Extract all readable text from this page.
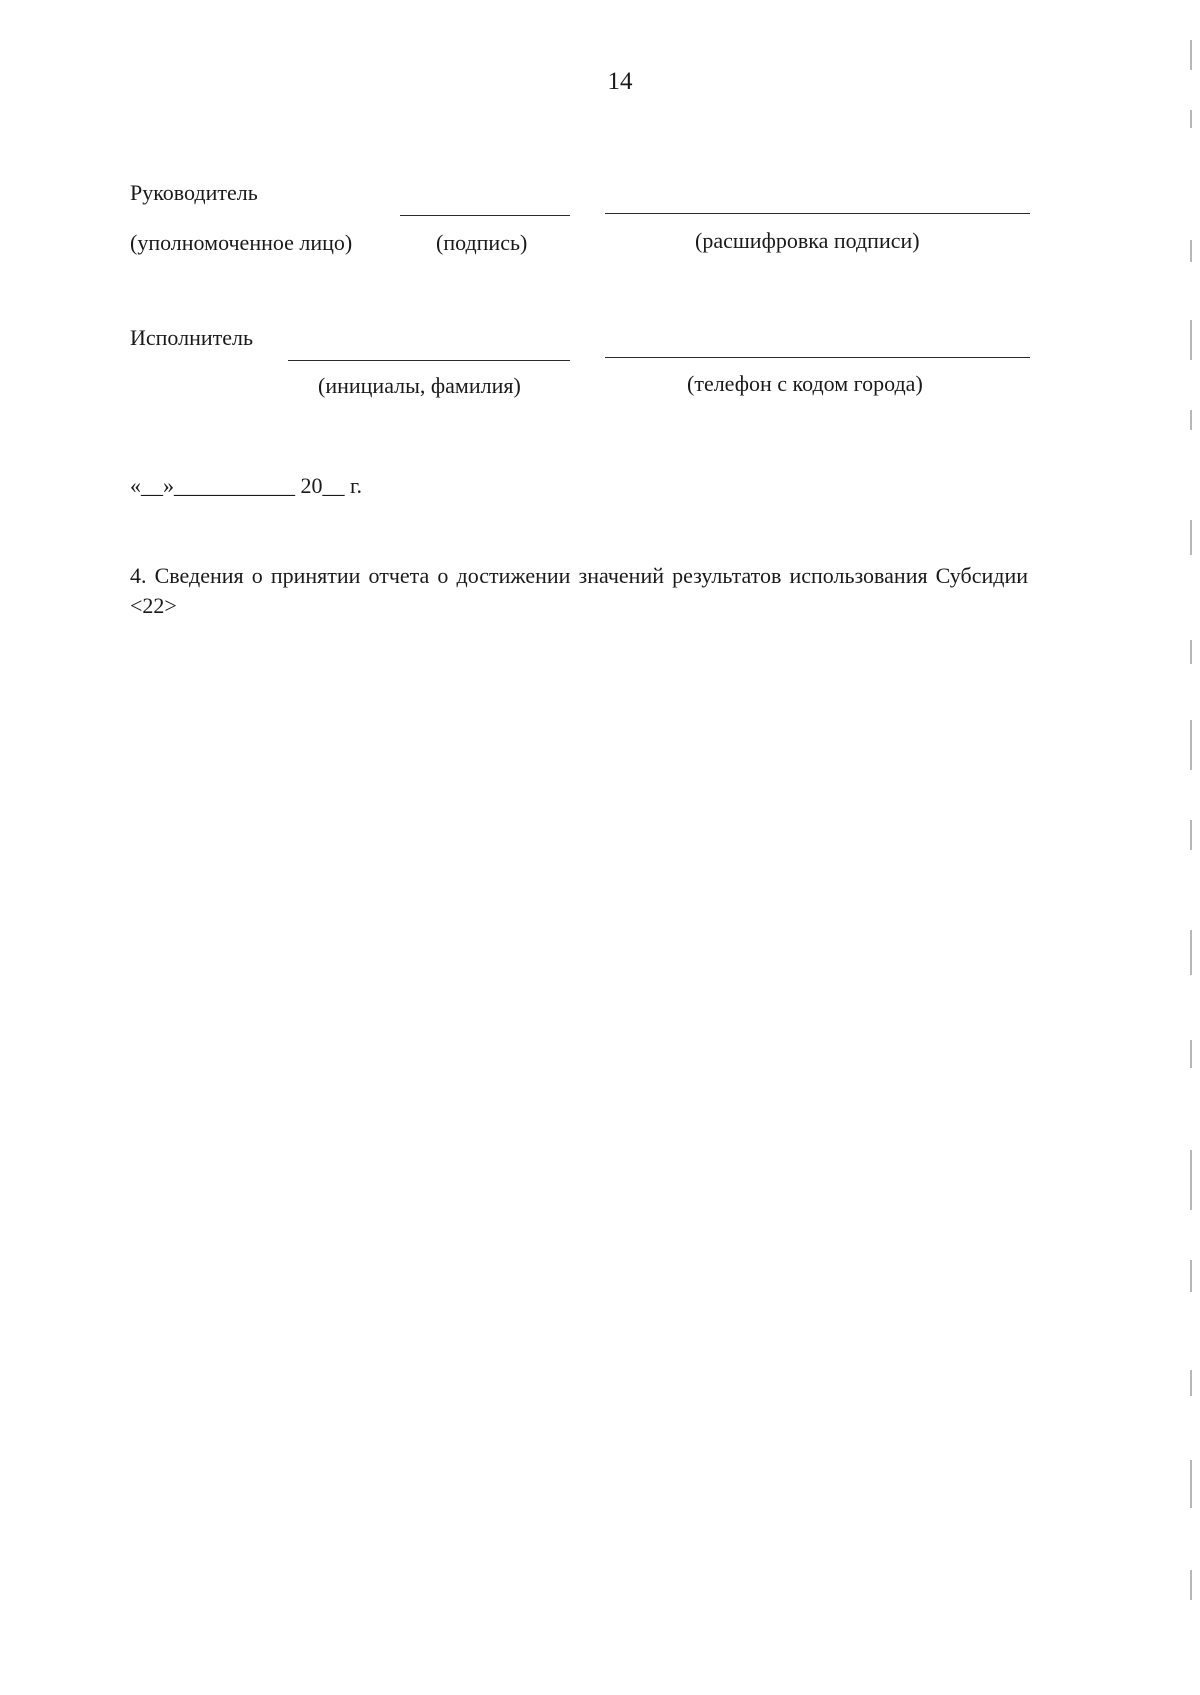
14
Руководитель
(уполномоченное лицо)	(подпись)	(расшифровка подписи)
Исполнитель
(инициалы, фамилия)	(телефон с кодом города)
«__»___________ 20__ г.
4. Сведения о принятии отчета о достижении значений результатов использования Субсидии <22>
